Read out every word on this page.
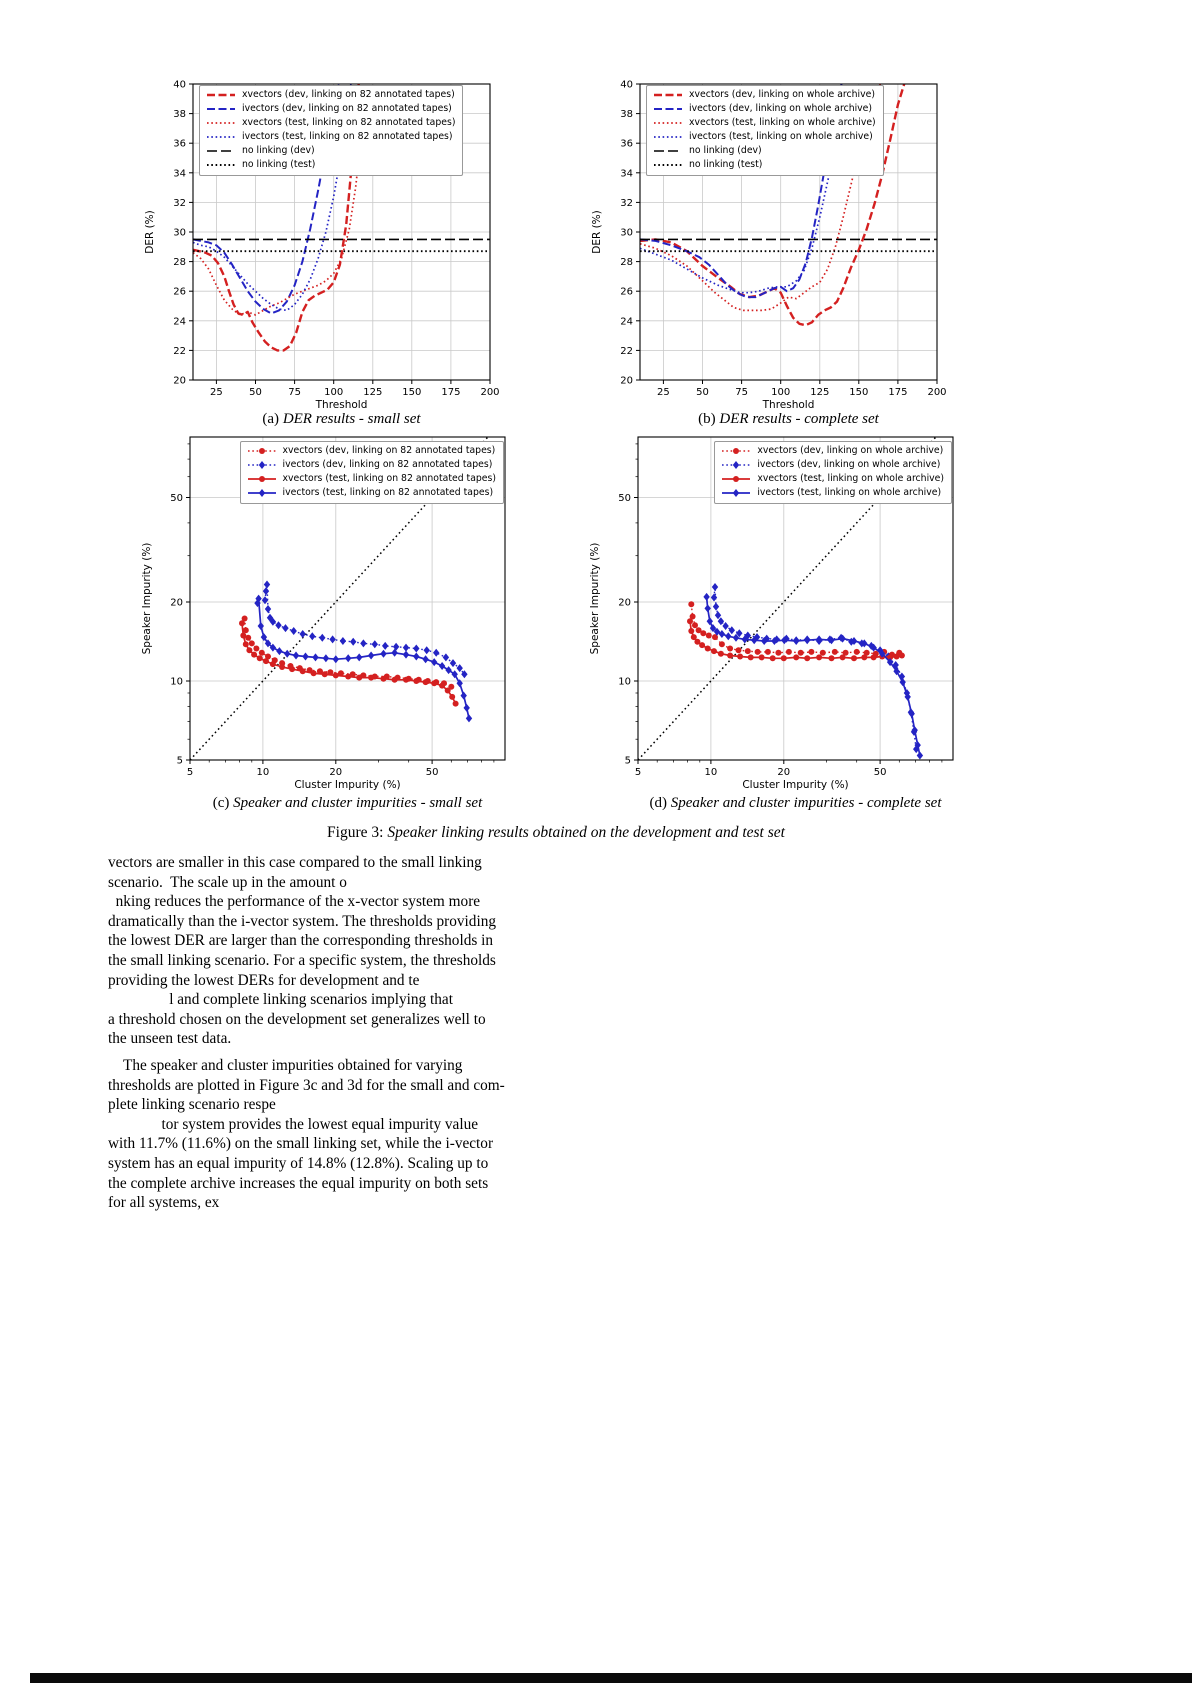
25	50	75 100 125 150 175 200
20
22
24
26
28
30
32
34
36
38
40
Threshold
DER (%)
xvectors (dev, linking on 82 annotated tapes)
ivectors (dev, linking on 82 annotated tapes)
xvectors (test, linking on 82 annotated tapes)
ivectors (test, linking on 82 annotated tapes)
no linking (dev)
no linking (test)
25	50	75 100 125 150 175 200
20
22
24
26
28
30
32
34
36
38
40
Threshold
DER (%)
xvectors (dev, linking on whole archive)
ivectors (dev, linking on whole archive)
xvectors (test, linking on whole archive)
ivectors (test, linking on whole archive)
no linking (dev)
no linking (test)
(a) DER results - small set	(b) DER results - complete set
5	10	20	50
5
10
20
50
Cluster Impurity (%)
Speaker Impurity (%)
xvectors (dev, linking on 82 annotated tapes)
ivectors (dev, linking on 82 annotated tapes)
xvectors (test, linking on 82 annotated tapes)
ivectors (test, linking on 82 annotated tapes)
5	10	20	50
5
10
20
50
Cluster Impurity (%)
Speaker Impurity (%)
xvectors (dev, linking on whole archive)
ivectors (dev, linking on whole archive)
xvectors (test, linking on whole archive)
ivectors (test, linking on whole archive)
(c) Speaker and cluster impurities - small set	(d) Speaker and cluster impurities - complete set
Figure 3: Speaker linking results obtained on the development and test set
vectors are smaller in this case compared to the small linking
scenario.  The scale up in the amount o
nking reduces the performance of the x-vector system more
dramatically than the i-vector system. The thresholds providing
the lowest DER are larger than the corresponding thresholds in
the small linking scenario. For a specific system, the thresholds
providing the lowest DERs for development and te
l and complete linking scenarios implying that
a threshold chosen on the development set generalizes well to
the unseen test data.
The speaker and cluster impurities obtained for varying
thresholds are plotted in Figure 3c and 3d for the small and com-
plete linking scenario respe
tor system provides the lowest equal impurity value
with 11.7% (11.6%) on the small linking set, while the i-vector
system has an equal impurity of 14.8% (12.8%). Scaling up to
the complete archive increases the equal impurity on both sets
for all systems, ex
